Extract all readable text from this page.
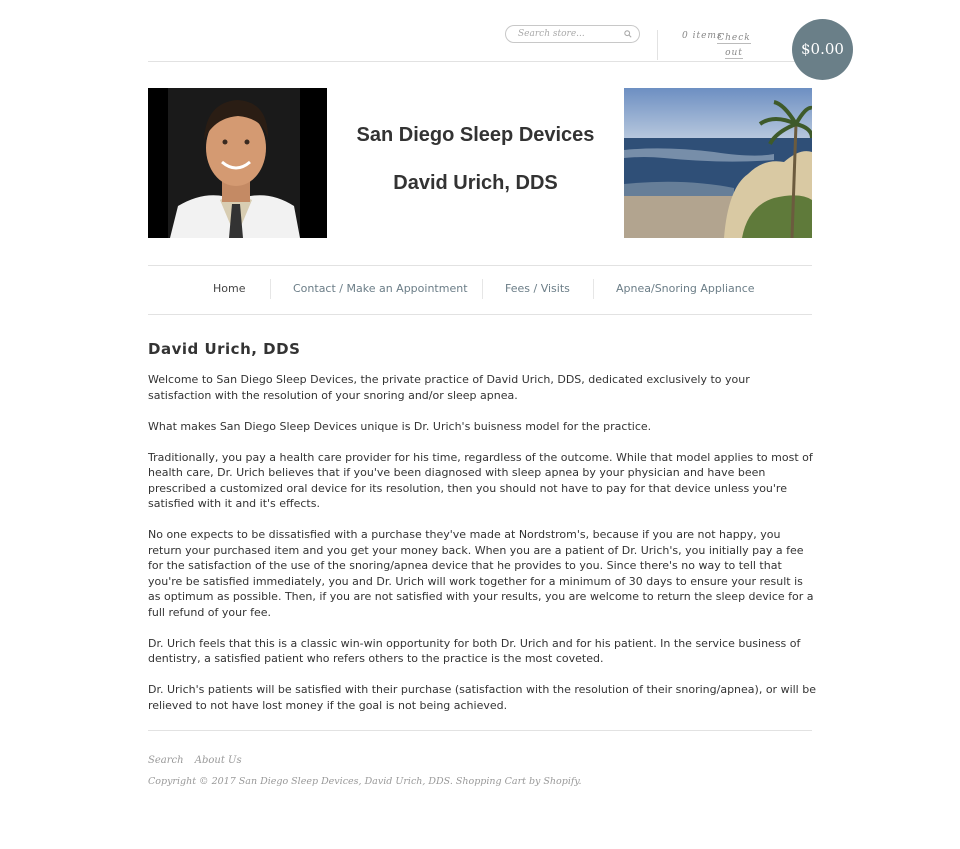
Search store...
0 items
Check
out	$0.00
San Diego Sleep Devices
David Urich, DDS
Home	Contact / Make an Appointment	Fees / Visits	Apnea/Snoring Appliance
David Urich, DDS

Welcome to San Diego Sleep Devices, the private practice of David Urich, DDS, dedicated exclusively to your satisfaction with the resolution of your snoring and/or sleep apnea.

What makes San Diego Sleep Devices unique is Dr. Urich's buisness model for the practice.

Traditionally, you pay a health care provider for his time, regardless of the outcome. While that model applies to most of health care, Dr. Urich believes that if you've been diagnosed with sleep apnea by your physician and have been prescribed a customized oral device for its resolution, then you should not have to pay for that device unless you're satisfied with it and it's effects.

No one expects to be dissatisfied with a purchase they've made at Nordstrom's, because if you are not happy, you return your purchased item and you get your money back. When you are a patient of Dr. Urich's, you initially pay a fee for the satisfaction of the use of the snoring/apnea device that he provides to you. Since there's no way to tell that you're be satisfied immediately, you and Dr. Urich will work together for a minimum of 30 days to ensure your result is as optimum as possible. Then, if you are not satisfied with your results, you are welcome to return the sleep device for a full refund of your fee.

Dr. Urich feels that this is a classic win-win opportunity for both Dr. Urich and for his patient. In the service business of dentistry, a satisfied patient who refers others to the practice is the most coveted.

Dr. Urich's patients will be satisfied with their purchase (satisfaction with the resolution of their snoring/apnea), or will be relieved to not have lost money if the goal is not being achieved.

Search About Us
Copyright © 2017 San Diego Sleep Devices, David Urich, DDS. Shopping Cart by Shopify.
